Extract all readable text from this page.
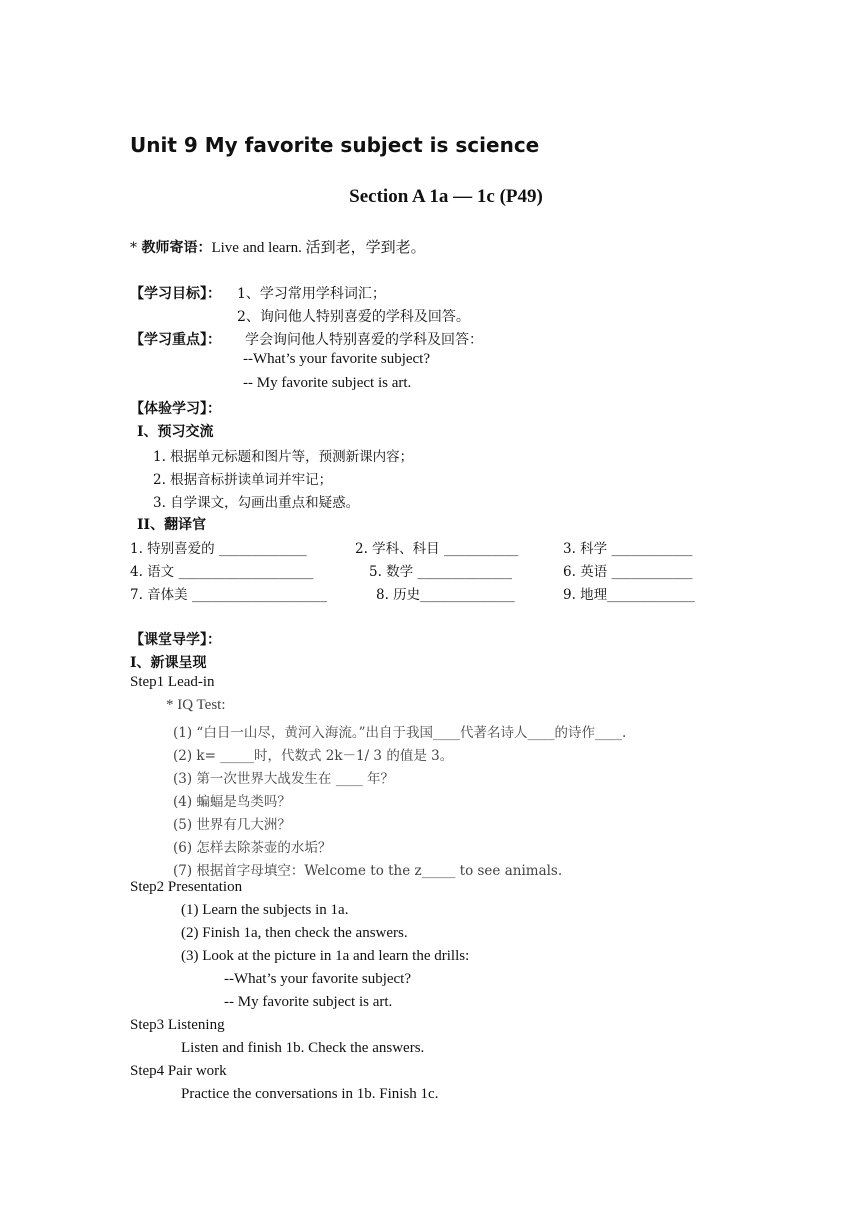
Unit 9 My favorite subject is science
Section A 1a — 1c (P49)
* 教师寄语：Live and learn. 活到老，学到老。
【学习目标】： 1、学习常用学科词汇；
2、询问他人特别喜爱的学科及回答。
【学习重点】： 学会询问他人特别喜爱的学科及回答：
--What’s your favorite subject?
-- My favorite subject is art.
【体验学习】：
I、预习交流
1. 根据单元标题和图片等，预测新课内容；
2. 根据音标拼读单词并牢记；
3. 自学课文，勾画出重点和疑惑。
II、翻译官
1. 特别喜爱的 _____________	2. 学科、科目 ___________	3. 科学 ____________
4. 语文 ____________________	5. 数学 ______________	6. 英语 ____________
7. 音体美 ____________________	8. 历史______________	9. 地理_____________
【课堂导学】：
I、新课呈现
Step1 Lead-in
* IQ Test:
(1) “白日一山尽，黄河入海流。”出自于我国____代著名诗人____的诗作____.
(2) k= _____时，代数式 2k－1/ 3 的值是 3。
(3) 第一次世界大战发生在 ____ 年？
(4) 蝙蝠是鸟类吗？
(5) 世界有几大洲？
(6) 怎样去除茶壶的水垢？
(7) 根据首字母填空：Welcome to the z_____ to see animals.
Step2 Presentation
(1) Learn the subjects in 1a.
(2) Finish 1a, then check the answers.
(3) Look at the picture in 1a and learn the drills:
--What’s your favorite subject?
-- My favorite subject is art.
Step3 Listening
Listen and finish 1b. Check the answers.
Step4 Pair work
Practice the conversations in 1b. Finish 1c.
